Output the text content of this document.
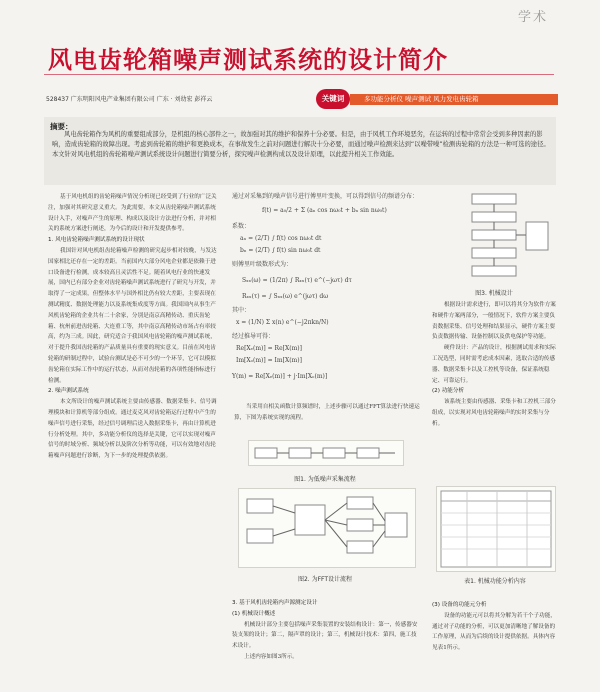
学术
风电齿轮箱噪声测试系统的设计简介
528437 广东明阳风电产业集团有限公司 广东 · 刘幼宏 彭祥云	关键词	多功能分析仪 噪声测试 风力发电齿轮箱
摘要：
风电齿轮箱作为风机的重要组成部分，是机组的核心部件之一，故加强对其的维护和保养十分必要。但是，由于风机工作环境恶劣，在运转的过程中常常会受到多种因素的影响，造成齿轮箱的故障出现。考虑到齿轮箱的维护和更换成本，在事故发生之前对问题进行解决十分必要，而通过噪声检测来达到“以噪带噪”检测齿轮箱的方法是一种可选的途径。本文针对风电机组的齿轮箱噪声测试系统设计问题进行简要分析，探究噪声检测构成以及设计原理，以此提升相关工作效能。

基于风电机组的齿轮箱噪声情况分析现已经受到了行业的广泛关注，加强对其研究意义重大。为此需要，本文从齿轮箱噪声测试系统设计入手，对噪声产生的原理、构成以及设计方法进行分析，并对相关的系统方案进行阐述，为今后的设计和开发提供参考。

1. 风电齿轮箱噪声测试系统的设计现状

我国针对风电机组齿轮箱噪声检测的研究起步相对较晚，与发达国家相比还存在一定的差距。当前国内大部分风电企业都是依赖于进口设备进行检测，成本较高且灵活性不足。随着风电行业的快速发展，国内已有部分企业对齿轮箱噪声测试系统进行了研究与开发，并取得了一定成果，但整体水平与国外相比仍有较大差距，主要表现在测试精度、数据处理能力以及系统集成度等方面。我国国内从事生产风机齿轮箱的企业共有二十余家，分别是南京高精传动、重庆齿轮箱、杭州前进齿轮箱、大连重工等，其中南京高精传动市场占有率较高，约为三成。因此，研究适合于我国风电齿轮箱的噪声测试系统，对于提升我国齿轮箱的产品质量具有重要的现实意义。目前在风电齿轮箱的研制过程中，试验台测试是必不可少的一个环节，它可以模拟齿轮箱在实际工作中的运行状态，从而对齿轮箱的各项性能指标进行检测。

2. 噪声测试系统

本文所设计的噪声测试系统主要由传感器、数据采集卡、信号调理模块和计算机等部分组成。通过麦克风对齿轮箱运行过程中产生的噪声信号进行采集，经过信号调理后送入数据采集卡，再由计算机进行分析处理。其中，多功能分析仪的选择是关键，它可以实现对噪声信号的时域分析、频域分析以及阶次分析等功能，可以有效地对齿轮箱噪声问题进行诊断，为下一步的处理提供依据。

通过对采集到的噪声信号进行傅里叶变换，可以得到信号的频谱分布：
f(t) = a₀/2 + Σ (aₙ cos nω₀t + bₙ sin nω₀t)
系数：
aₙ = (2/T) ∫ f(t) cos nω₀t dt
bₙ = (2/T) ∫ f(t) sin nω₀t dt
则傅里叶级数形式为：
Sₓₓ(ω) = (1/2π) ∫ Rₓₓ(τ) e^(−jωτ) dτ
Rₓₓ(τ) = ∫ Sₓₓ(ω) e^(jωτ) dω
其中：
x = (1/N) Σ x(n) e^(−j2πkn/N)
经过推导可得：
Re[Xₑ(m)] = Re[X(m)]
Im[Xₒ(m)] = Im[X(m)]
Y(m) = Re[Xₑ(m)] + j·Im[Xₒ(m)]

当采用自相关函数计算频谱时，上述步骤可以通过FFT算法进行快速运算，下图为系统实现的流程。

图1. 为低噪声采集流程
图2. 为FFT设计流程

3. 基于风机齿轮箱内声源测定设计

(1) 机械设计概述

机械设计部分主要包括噪声采集装置的安装结构设计：第一，传感器安装支架的设计；第二，隔声罩的设计；第三，机械设计技术：第四，施工技术设计。

上述内容如图3所示。

图3. 机械设计

根据设计需求进行，即可以将其分为软件方案和硬件方案两部分，一般情况下，软件方案主要负责数据采集、信号处理和结果显示，硬件方案主要负责数据传输、设备控制以及供电保护等功能。

硬件设计：产品的设计，根据测试需求和实际工况选型，同时需考虑成本因素，选取合适的传感器、数据采集卡以及工控机等设备，保证系统稳定、可靠运行。

(2) 功能分析

该系统主要由传感器、采集卡和工控机三部分组成，以实现对风电齿轮箱噪声的实时采集与分析。

表1. 机械功能分析内容

(3) 设备的功能元分析

设备的功能元可以将其分解为若干个子功能，通过对子功能的分析，可以更加清晰地了解设备的工作原理，从而为后续的设计提供依据。具体内容见表1所示。
